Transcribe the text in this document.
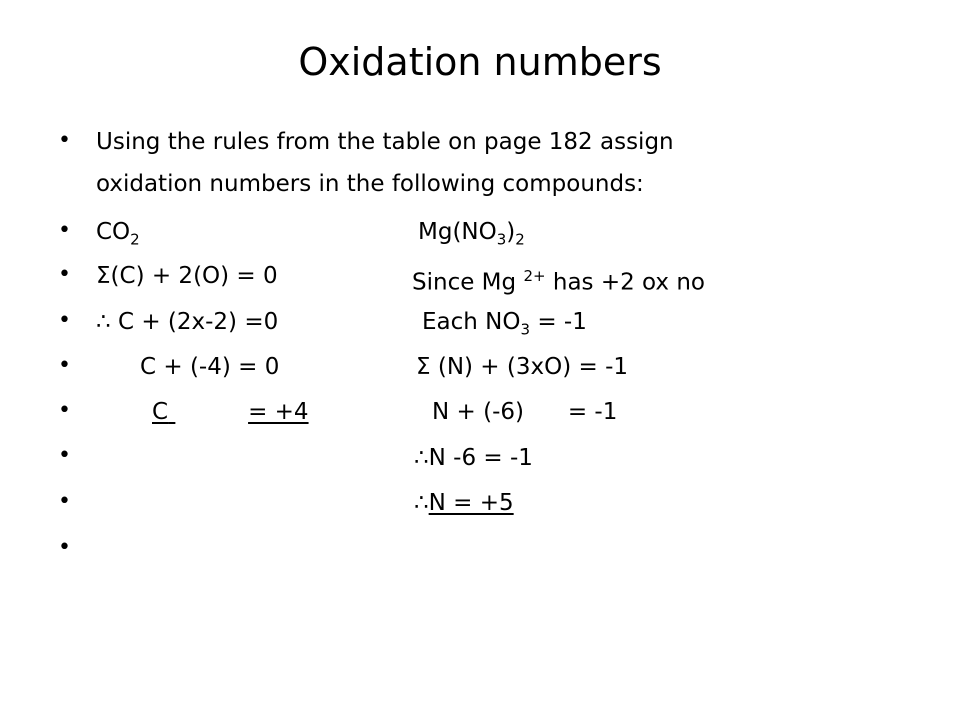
Oxidation numbers
•
•
•
•
•
•
•
•
•
Using the rules from the table on page 182 assign
oxidation numbers in the following compounds:
$CO_2$	$Mg(NO_3)_2$
Σ(C) + 2(O) = 0	Since Mg $^{2+}$ has +2 ox no
∴ C + (2x-2) =0	Each $NO_3 = -1$
C + (-4) = 0	Σ (N) + (3xO) = -1
C	= +4	N + (-6)      = -1
∴N -6 = -1
∴N = +5
